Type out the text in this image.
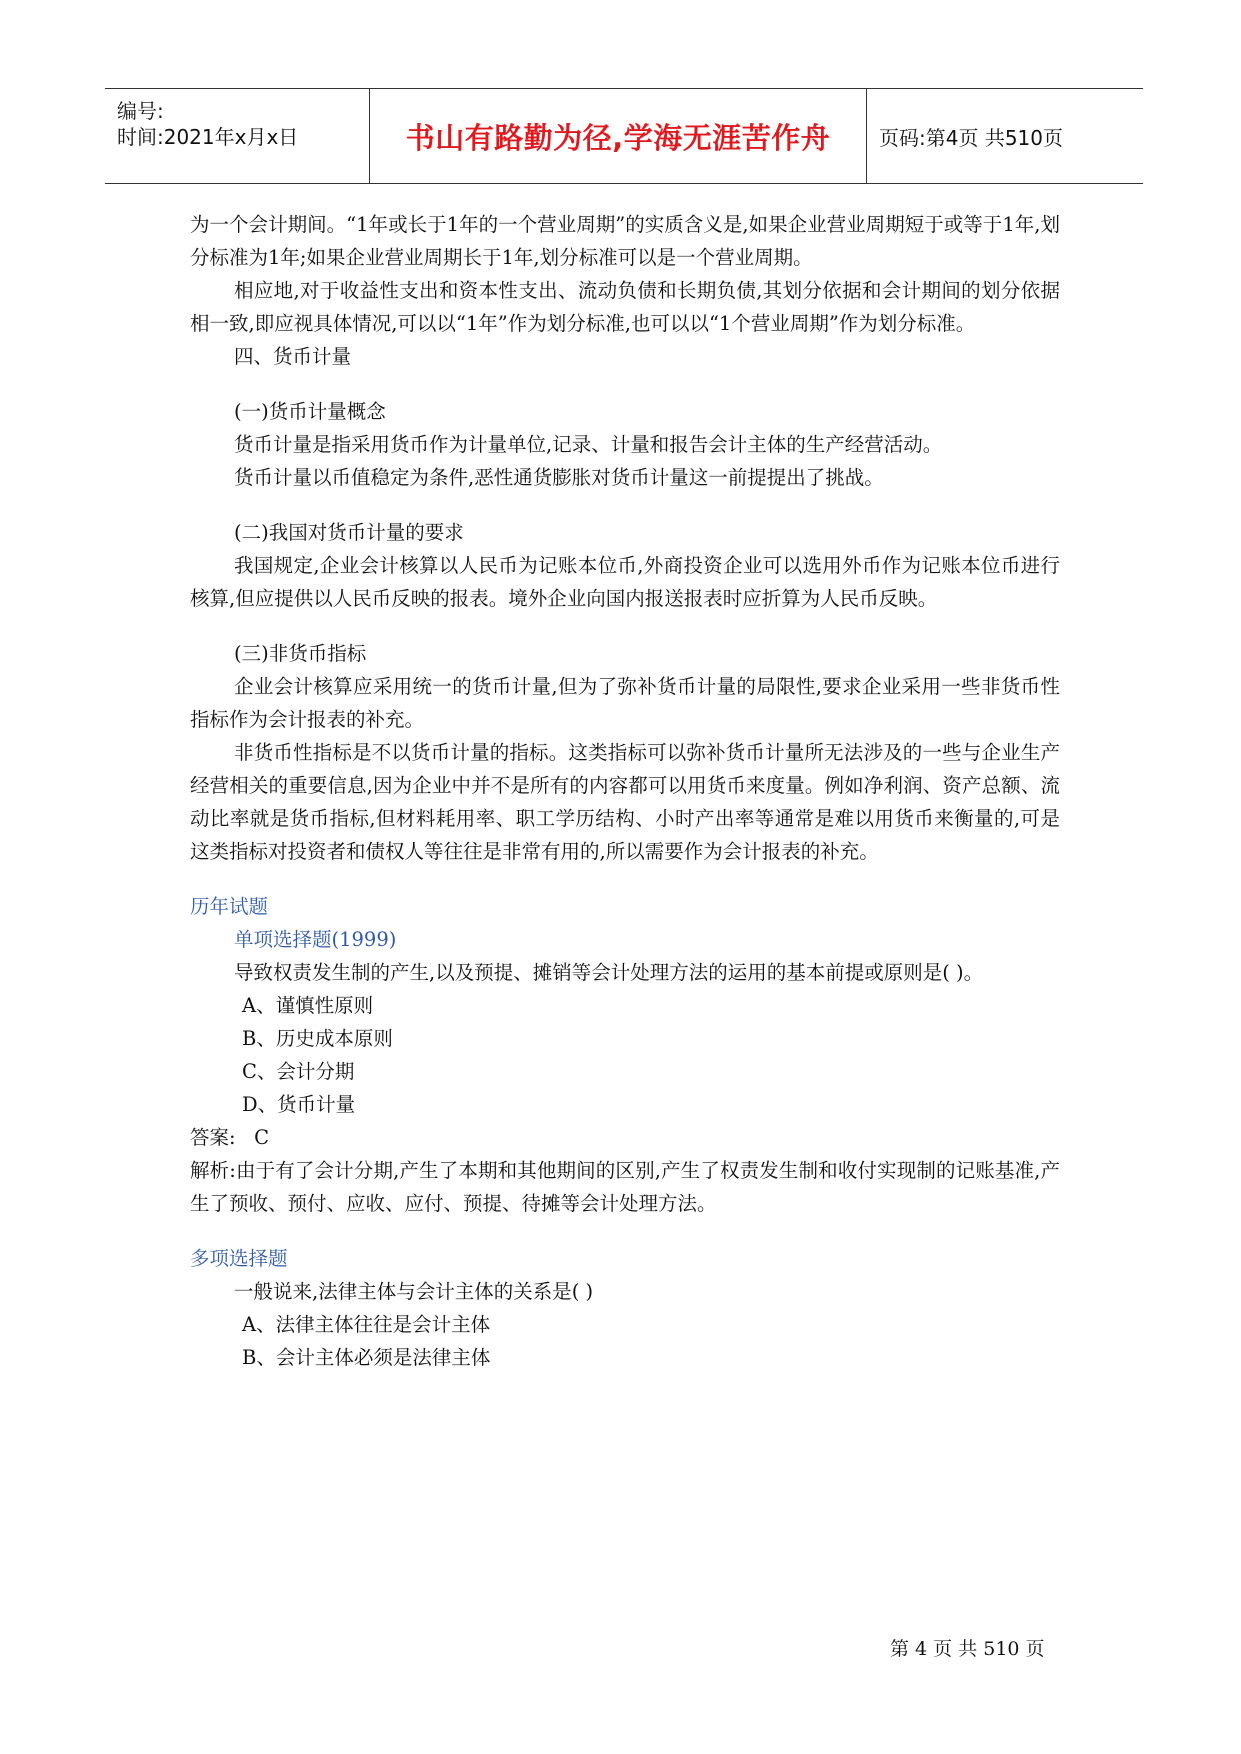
编号:
时间:2021年x月x日	书山有路勤为径,学海无涯苦作舟 页码:第4页 共510页

为一个会计期间。“1年或长于1年的一个营业周期”的实质含义是,如果企业营业周期短于或等于1年,划分标准为1年;如果企业营业周期长于1年,划分标准可以是一个营业周期。

相应地,对于收益性支出和资本性支出、流动负债和长期负债,其划分依据和会计期间的划分依据相一致,即应视具体情况,可以以“1年”作为划分标准,也可以以“1个营业周期”作为划分标准。

四、货币计量

(一)货币计量概念

货币计量是指采用货币作为计量单位,记录、计量和报告会计主体的生产经营活动。

货币计量以币值稳定为条件,恶性通货膨胀对货币计量这一前提提出了挑战。

(二)我国对货币计量的要求

我国规定,企业会计核算以人民币为记账本位币,外商投资企业可以选用外币作为记账本位币进行核算,但应提供以人民币反映的报表。境外企业向国内报送报表时应折算为人民币反映。

(三)非货币指标

企业会计核算应采用统一的货币计量,但为了弥补货币计量的局限性,要求企业采用一些非货币性指标作为会计报表的补充。

非货币性指标是不以货币计量的指标。这类指标可以弥补货币计量所无法涉及的一些与企业生产经营相关的重要信息,因为企业中并不是所有的内容都可以用货币来度量。例如净利润、资产总额、流动比率就是货币指标,但材料耗用率、职工学历结构、小时产出率等通常是难以用货币来衡量的,可是这类指标对投资者和债权人等往往是非常有用的,所以需要作为会计报表的补充。

历年试题

单项选择题(1999)

导致权责发生制的产生,以及预提、摊销等会计处理方法的运用的基本前提或原则是( )。

A、谨慎性原则

B、历史成本原则

C、会计分期

D、货币计量

答案:   C

解析:由于有了会计分期,产生了本期和其他期间的区别,产生了权责发生制和收付实现制的记账基准,产生了预收、预付、应收、应付、预提、待摊等会计处理方法。

多项选择题

一般说来,法律主体与会计主体的关系是( )

A、法律主体往往是会计主体

B、会计主体必须是法律主体

第 4 页 共 510 页
